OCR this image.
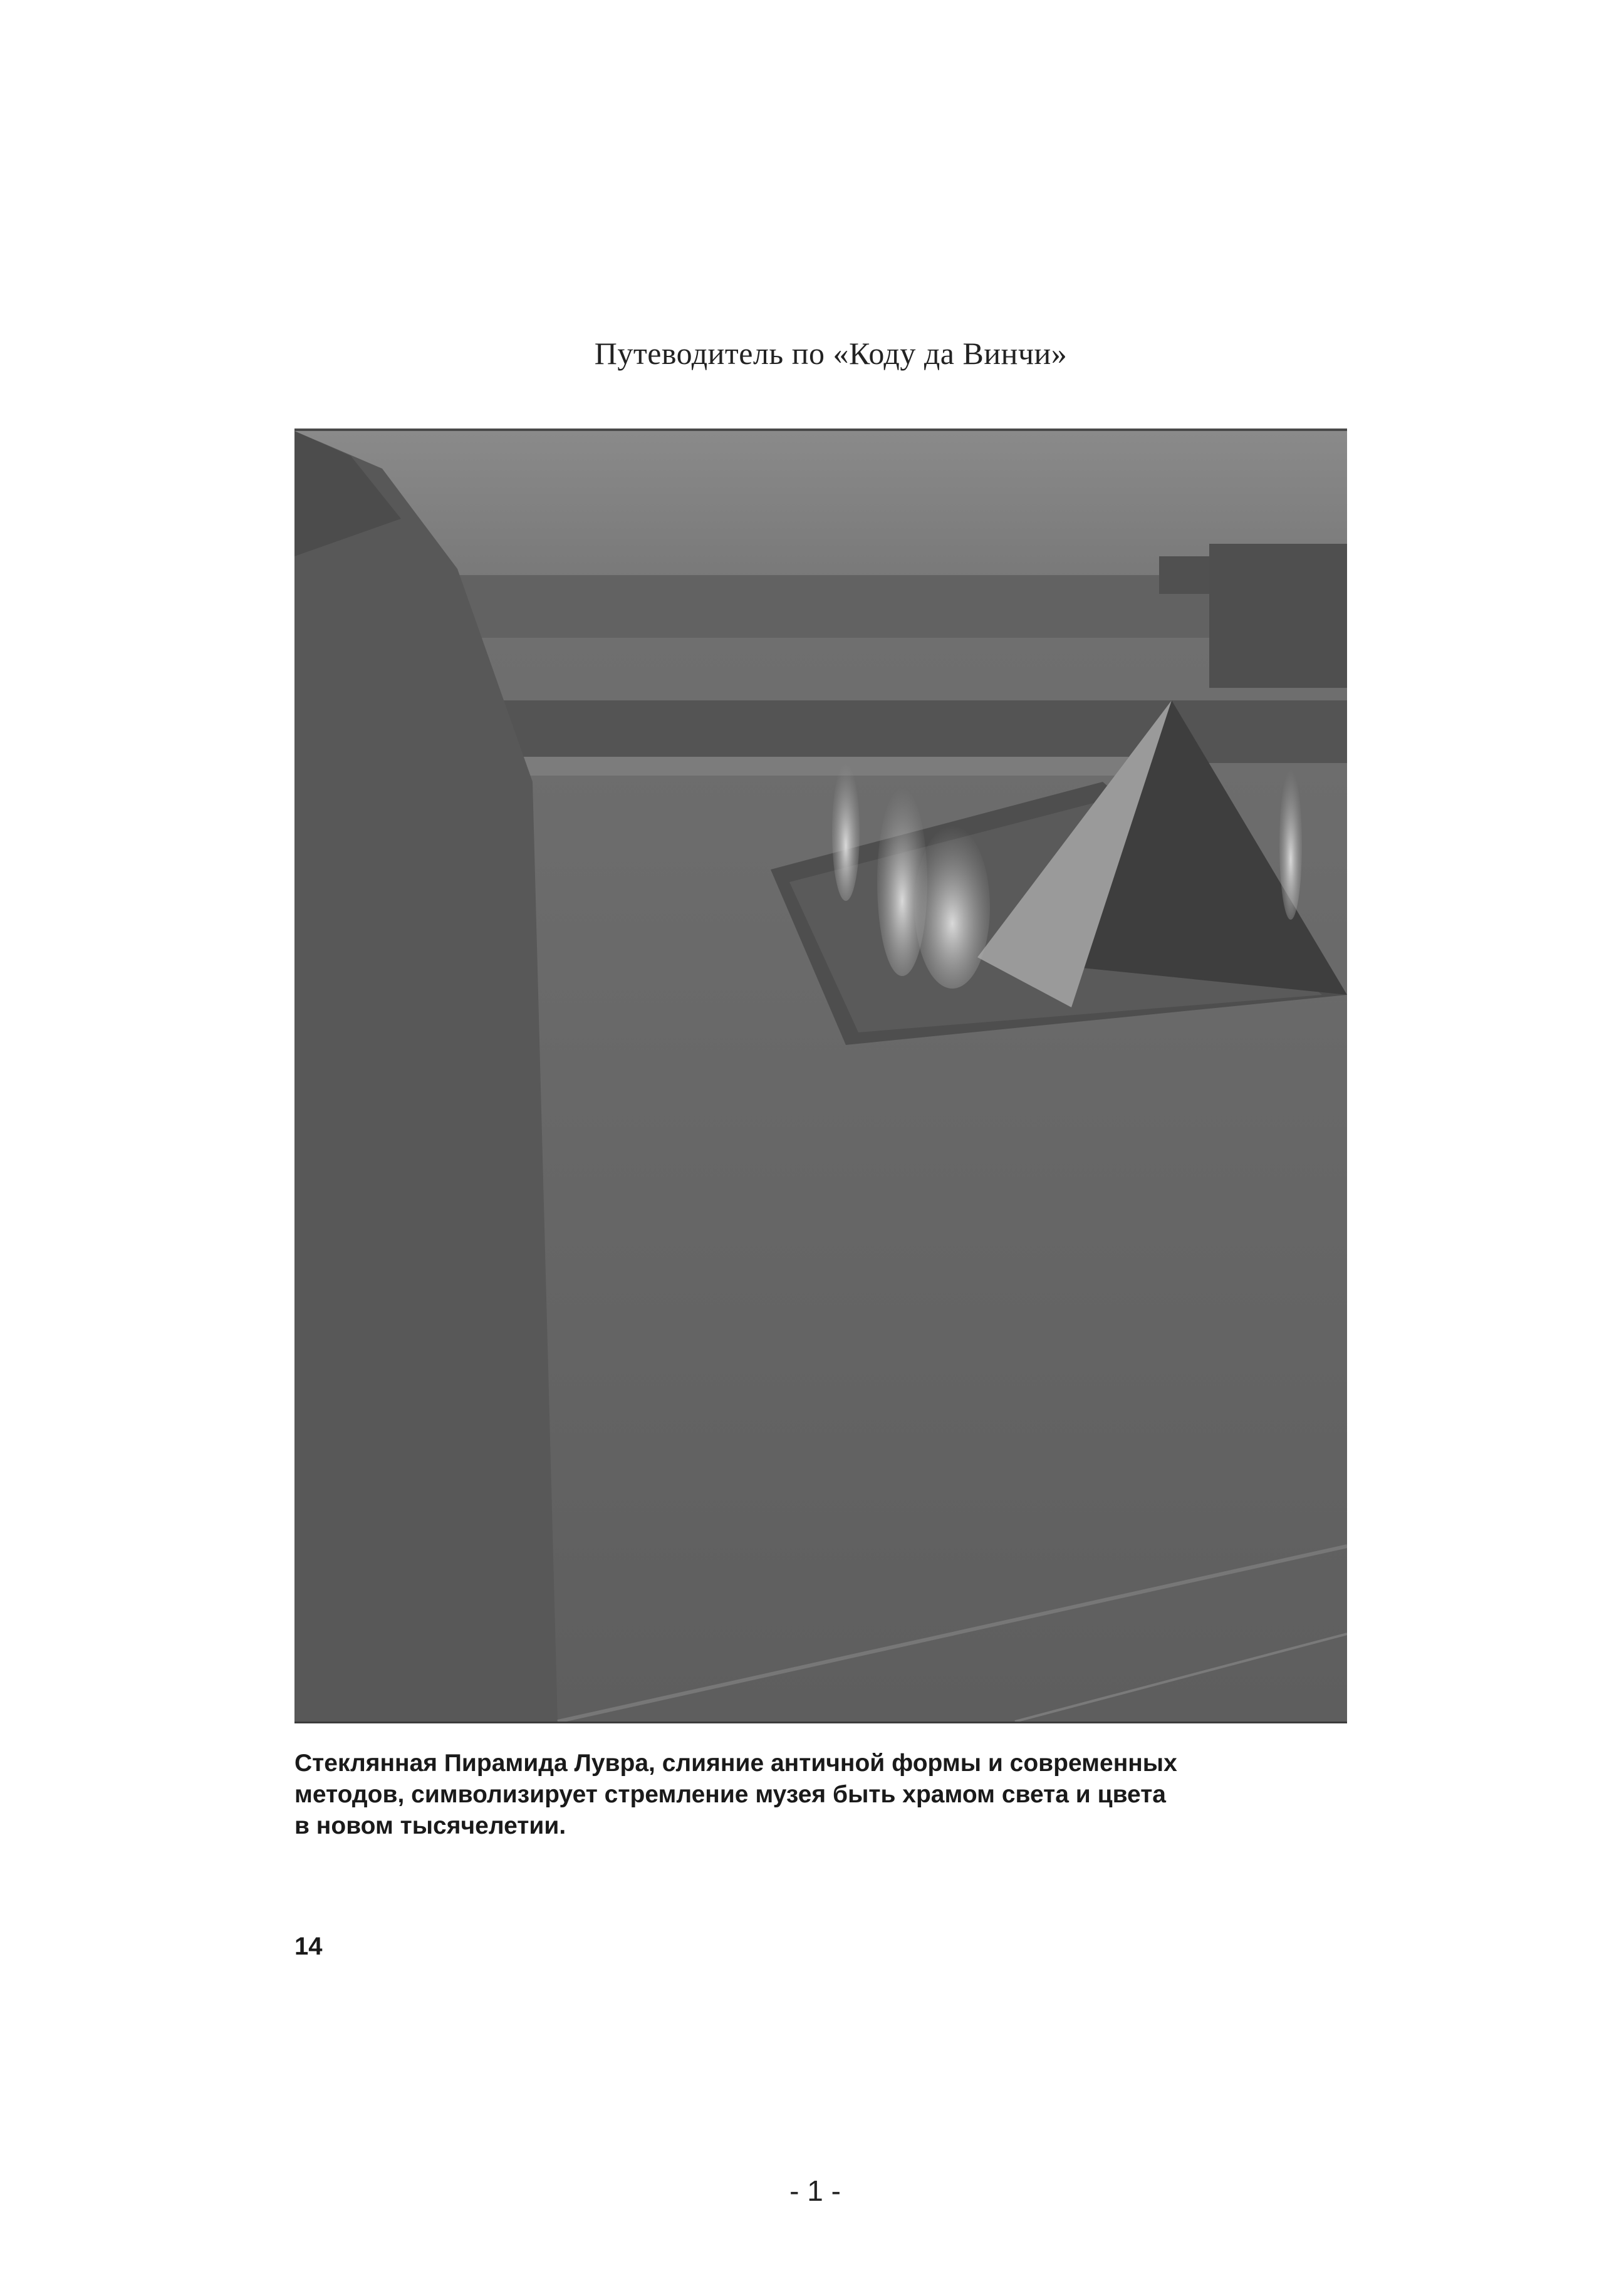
Путеводитель по «Коду да Винчи»

Стеклянная Пирамида Лувра, слияние античной формы и современных
методов, символизирует стремление музея быть храмом света и цвета
в новом тысячелетии.

14
- 1 -
